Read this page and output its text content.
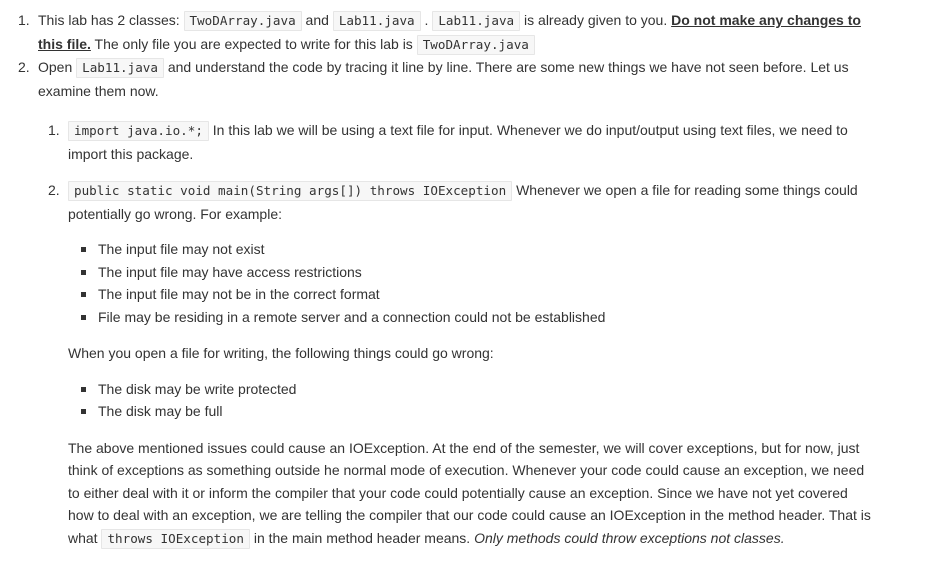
1. This lab has 2 classes: TwoDArray.java and Lab11.java . Lab11.java is already given to you. Do not make any changes to this file. The only file you are expected to write for this lab is TwoDArray.java
2. Open Lab11.java and understand the code by tracing it line by line. There are some new things we have not seen before. Let us examine them now.
1. import java.io.*; In this lab we will be using a text file for input. Whenever we do input/output using text files, we need to import this package.
2. public static void main(String args[]) throws IOException Whenever we open a file for reading some things could potentially go wrong. For example:
The input file may not exist
The input file may have access restrictions
The input file may not be in the correct format
File may be residing in a remote server and a connection could not be established
When you open a file for writing, the following things could go wrong:
The disk may be write protected
The disk may be full
The above mentioned issues could cause an IOException. At the end of the semester, we will cover exceptions, but for now, just think of exceptions as something outside he normal mode of execution. Whenever your code could cause an exception, we need to either deal with it or inform the compiler that your code could potentially cause an exception. Since we have not yet covered how to deal with an exception, we are telling the compiler that our code could cause an IOException in the method header. That is what throws IOException in the main method header means. Only methods could throw exceptions not classes.
